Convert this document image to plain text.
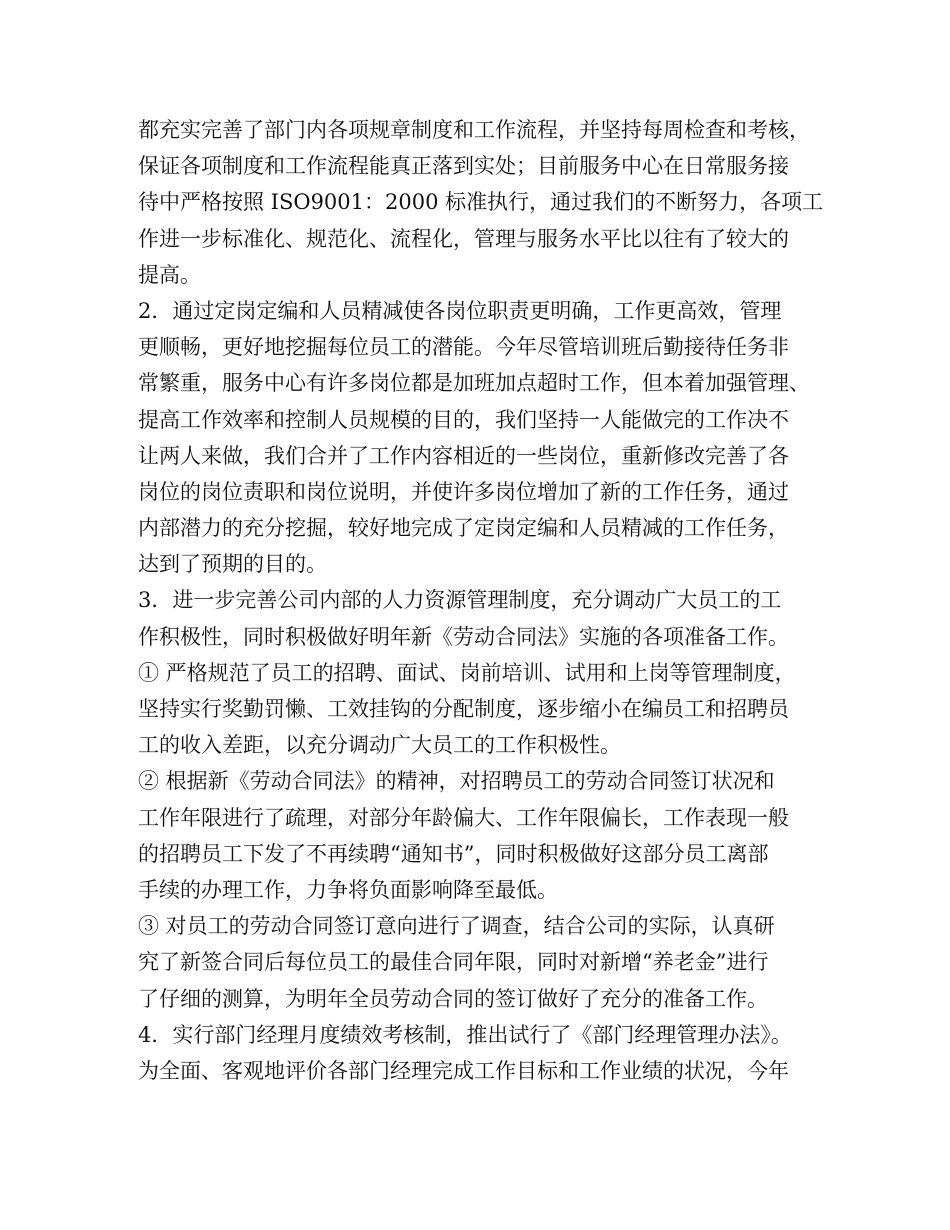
都充实完善了部门内各项规章制度和工作流程，并坚持每周检查和考核，
保证各项制度和工作流程能真正落到实处；目前服务中心在日常服务接
待中严格按照 ISO9001：2000 标准执行，通过我们的不断努力，各项工
作进一步标准化、规范化、流程化，管理与服务水平比以往有了较大的
提高。
2．通过定岗定编和人员精减使各岗位职责更明确，工作更高效，管理
更顺畅，更好地挖掘每位员工的潜能。今年尽管培训班后勤接待任务非
常繁重，服务中心有许多岗位都是加班加点超时工作，但本着加强管理、
提高工作效率和控制人员规模的目的，我们坚持一人能做完的工作决不
让两人来做，我们合并了工作内容相近的一些岗位，重新修改完善了各
岗位的岗位责职和岗位说明，并使许多岗位增加了新的工作任务，通过
内部潜力的充分挖掘，较好地完成了定岗定编和人员精减的工作任务，
达到了预期的目的。
3．进一步完善公司内部的人力资源管理制度，充分调动广大员工的工
作积极性，同时积极做好明年新《劳动合同法》实施的各项准备工作。
① 严格规范了员工的招聘、面试、岗前培训、试用和上岗等管理制度，
坚持实行奖勤罚懒、工效挂钩的分配制度，逐步缩小在编员工和招聘员
工的收入差距，以充分调动广大员工的工作积极性。
② 根据新《劳动合同法》的精神，对招聘员工的劳动合同签订状况和
工作年限进行了疏理，对部分年龄偏大、工作年限偏长，工作表现一般
的招聘员工下发了不再续聘“通知书”，同时积极做好这部分员工离部
手续的办理工作，力争将负面影响降至最低。
③ 对员工的劳动合同签订意向进行了调查，结合公司的实际，认真研
究了新签合同后每位员工的最佳合同年限，同时对新增“养老金”进行
了仔细的测算，为明年全员劳动合同的签订做好了充分的准备工作。
4．实行部门经理月度绩效考核制，推出试行了《部门经理管理办法》。
为全面、客观地评价各部门经理完成工作目标和工作业绩的状况，今年
